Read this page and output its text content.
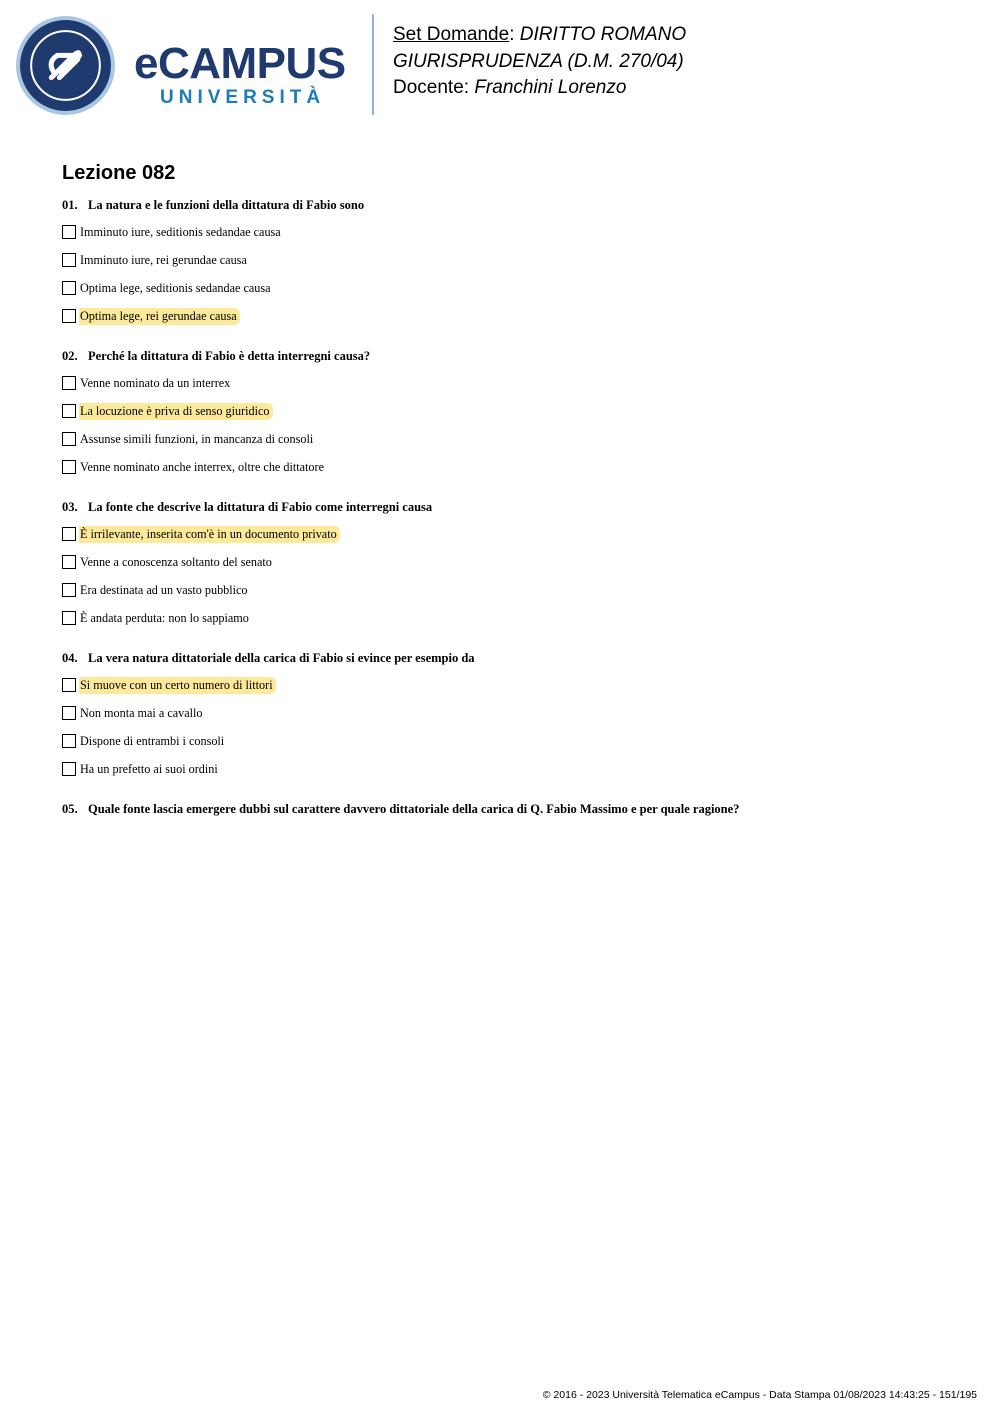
eCAMPUS
UNIVERSITÀ
Set Domande: DIRITTO ROMANO
GIURISPRUDENZA (D.M. 270/04)
Docente: Franchini Lorenzo
Lezione 082
01. La natura e le funzioni della dittatura di Fabio sono
Imminuto iure, seditionis sedandae causa
Imminuto iure, rei gerundae causa
Optima lege, seditionis sedandae causa
Optima lege, rei gerundae causa
02. Perché la dittatura di Fabio è detta interregni causa?
Venne nominato da un interrex
La locuzione è priva di senso giuridico
Assunse simili funzioni, in mancanza di consoli
Venne nominato anche interrex, oltre che dittatore
03. La fonte che descrive la dittatura di Fabio come interregni causa
È irrilevante, inserita com'è in un documento privato
Venne a conoscenza soltanto del senato
Era destinata ad un vasto pubblico
È andata perduta: non lo sappiamo
04. La vera natura dittatoriale della carica di Fabio si evince per esempio da
Si muove con un certo numero di littori
Non monta mai a cavallo
Dispone di entrambi i consoli
Ha un prefetto ai suoi ordini
05. Quale fonte lascia emergere dubbi sul carattere davvero dittatoriale della carica di Q. Fabio Massimo e per quale ragione?
© 2016 - 2023 Università Telematica eCampus - Data Stampa 01/08/2023 14:43:25 - 151/195
